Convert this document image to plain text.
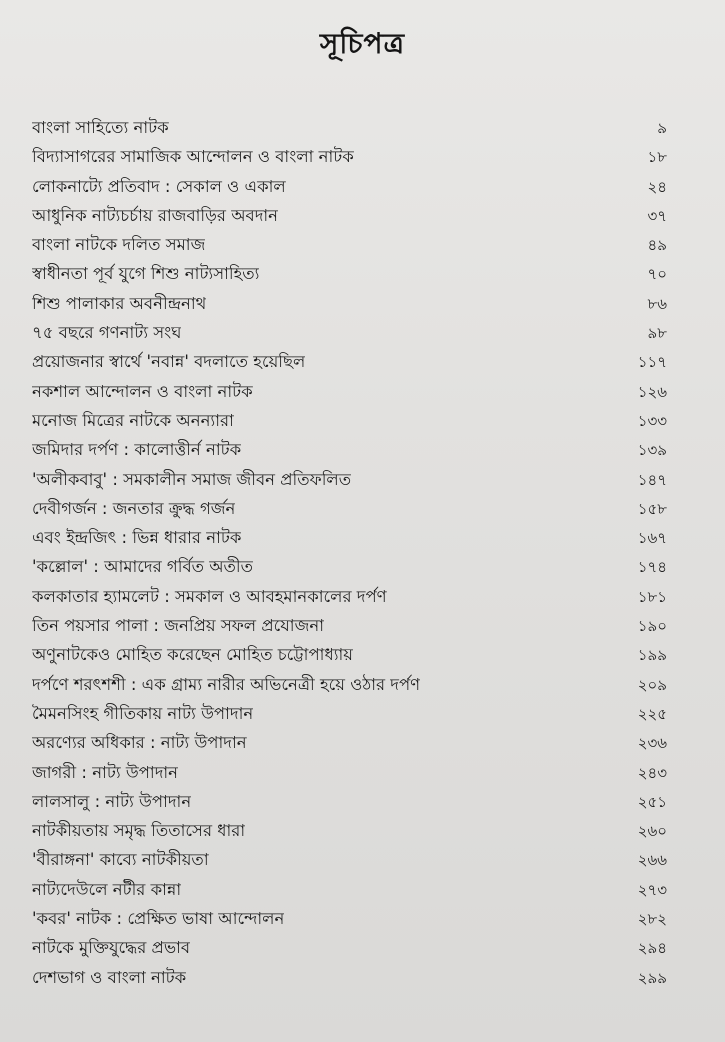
সূচিপত্র
বাংলা সাহিত্যে নাটক	৯
বিদ্যাসাগরের সামাজিক আন্দোলন ও বাংলা নাটক	১৮
লোকনাট্যে প্রতিবাদ : সেকাল ও একাল	২৪
আধুনিক নাট্যচর্চায় রাজবাড়ির অবদান	৩৭
বাংলা নাটকে দলিত সমাজ	৪৯
স্বাধীনতা পূর্ব যুগে শিশু নাট্যসাহিত্য	৭০
শিশু পালাকার অবনীন্দ্রনাথ	৮৬
৭৫ বছরে গণনাট্য সংঘ	৯৮
প্রয়োজনার স্বার্থে 'নবান্ন' বদলাতে হয়েছিল	১১৭
নকশাল আন্দোলন ও বাংলা নাটক	১২৬
মনোজ মিত্রের নাটকে অনন্যারা	১৩৩
জমিদার দর্পণ : কালোত্তীর্ন নাটক	১৩৯
'অলীকবাবু' : সমকালীন সমাজ জীবন প্রতিফলিত	১৪৭
দেবীগর্জন : জনতার ক্রুদ্ধ গর্জন	১৫৮
এবং ইন্দ্রজিৎ : ভিন্ন ধারার নাটক	১৬৭
'কল্লোল' : আমাদের গর্বিত অতীত	১৭৪
কলকাতার হ্যামলেট : সমকাল ও আবহমানকালের দর্পণ	১৮১
তিন পয়সার পালা : জনপ্রিয় সফল প্রযোজনা	১৯০
অণুনাটকেও মোহিত করেছেন মোহিত চট্টোপাধ্যায়	১৯৯
দর্পণে শরৎশশী : এক গ্রাম্য নারীর অভিনেত্রী হয়ে ওঠার দর্পণ	২০৯
মৈমনসিংহ গীতিকায় নাট্য উপাদান	২২৫
অরণ্যের অধিকার : নাট্য উপাদান	২৩৬
জাগরী : নাট্য উপাদান	২৪৩
লালসালু : নাট্য উপাদান	২৫১
নাটকীয়তায় সমৃদ্ধ তিতাসের ধারা	২৬০
'বীরাঙ্গনা' কাব্যে নাটকীয়তা	২৬৬
নাট্যদেউলে নটীর কান্না	২৭৩
'কবর' নাটক : প্রেক্ষিত ভাষা আন্দোলন	২৮২
নাটকে মুক্তিযুদ্ধের প্রভাব	২৯৪
দেশভাগ ও বাংলা নাটক	২৯৯
